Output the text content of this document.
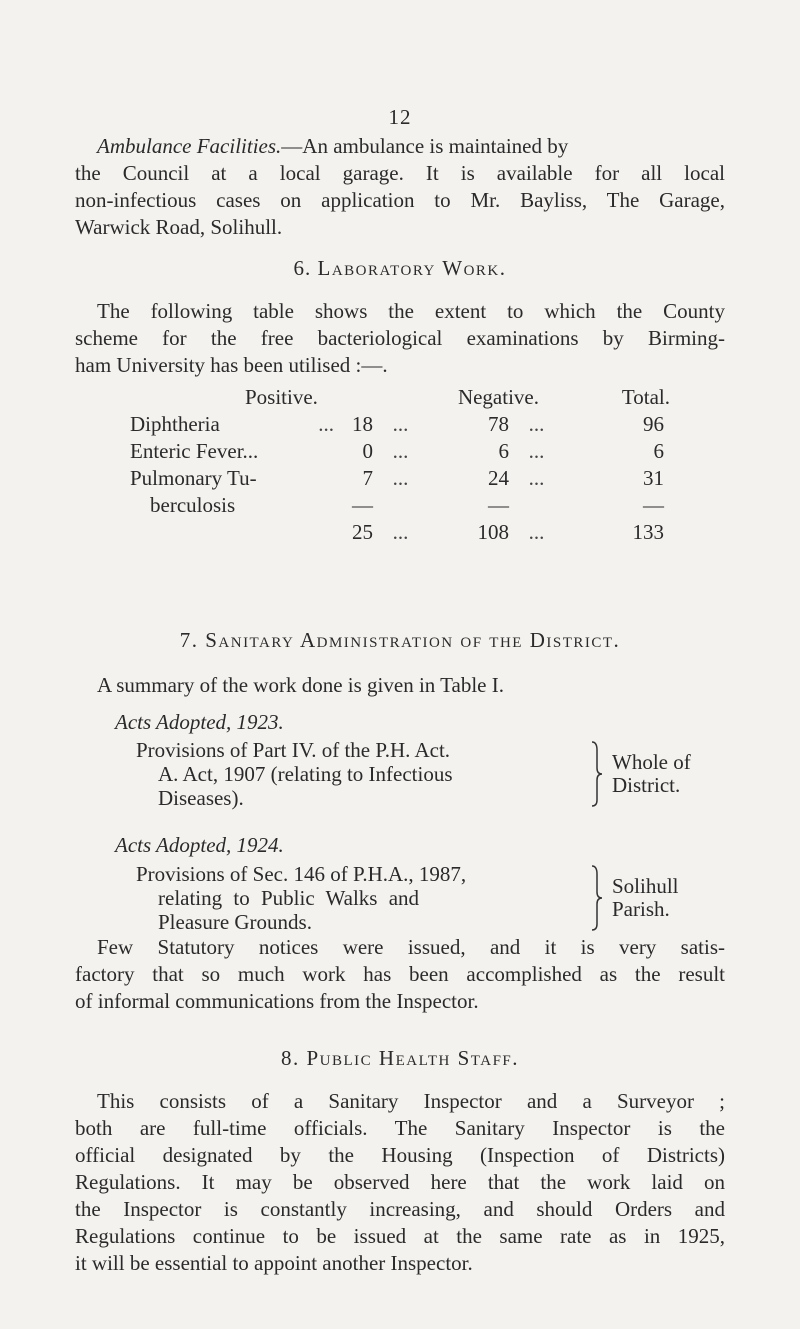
12
Ambulance Facilities.—An ambulance is maintained by
the Council at a local garage. It is available for all local
non-infectious cases on application to Mr. Bayliss, The Garage,
Warwick Road, Solihull.
6. Laboratory Work.
The following table shows the extent to which the County
scheme for the free bacteriological examinations by Birming-
ham University has been utilised :—.
	Positive.		Negative.		Total.
Diphtheria	... 18	...	78	...	96
Enteric Fever...	0	...	6	...	6
Pulmonary Tu-	7	...	24	...	31
berculosis	—		—		—
	25	...	108	...	133
7. Sanitary Administration of the District.
A summary of the work done is given in Table I.
Acts Adopted, 1923.
Provisions of Part IV. of the P.H. Act.
A. Act, 1907 (relating to Infectious
Diseases).
Whole of
District.
Acts Adopted, 1924.
Provisions of Sec. 146 of P.H.A., 1987,
relating to Public Walks and
Pleasure Grounds.
Solihull
Parish.
Few Statutory notices were issued, and it is very satis-
factory that so much work has been accomplished as the result
of informal communications from the Inspector.
8. Public Health Staff.
This consists of a Sanitary Inspector and a Surveyor ;
both are full-time officials. The Sanitary Inspector is the
official designated by the Housing (Inspection of Districts)
Regulations. It may be observed here that the work laid on
the Inspector is constantly increasing, and should Orders and
Regulations continue to be issued at the same rate as in 1925,
it will be essential to appoint another Inspector.
